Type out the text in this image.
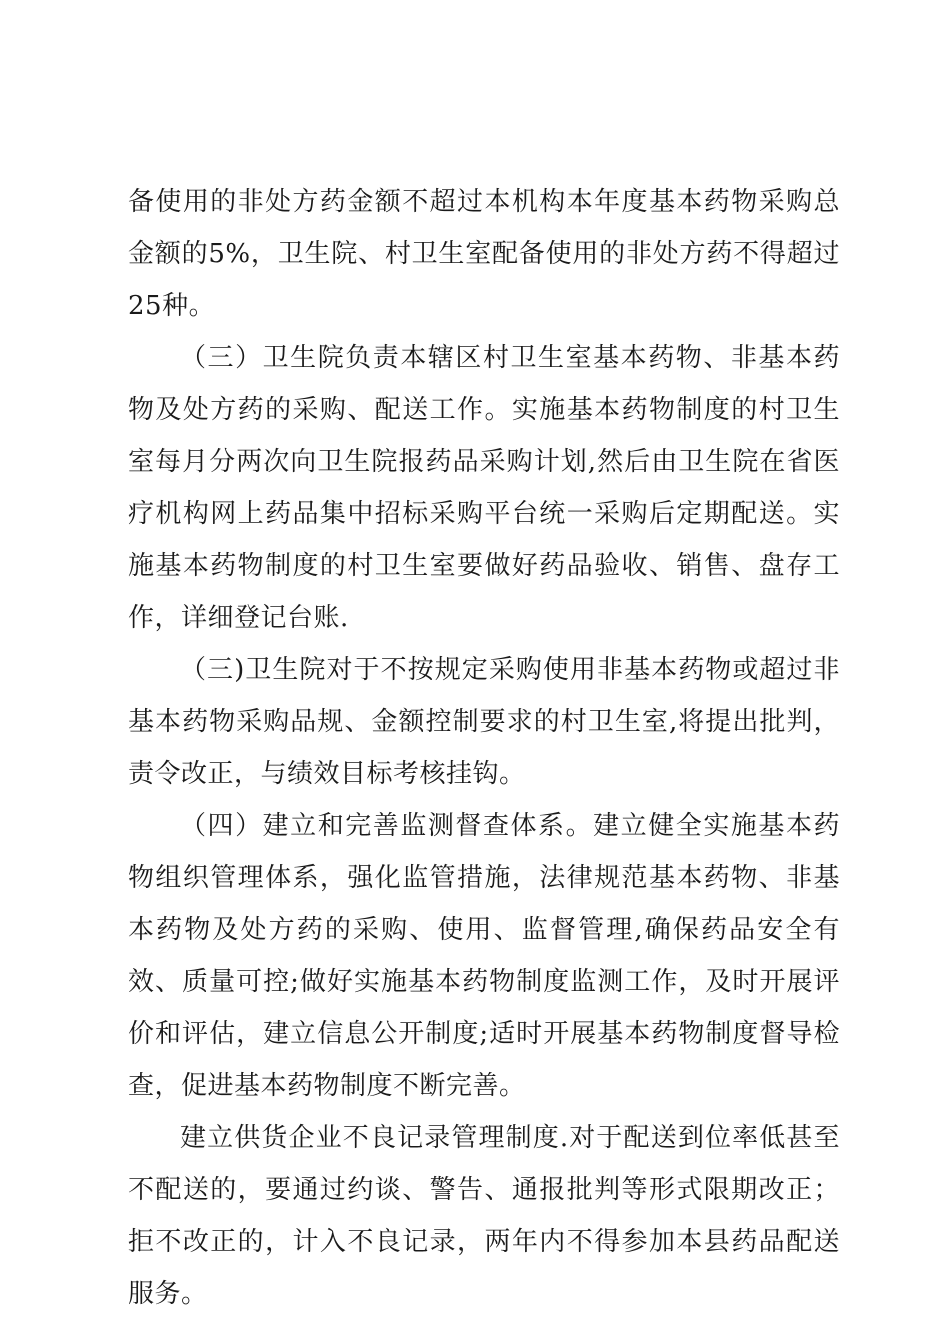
备使用的非处方药金额不超过本机构本年度基本药物采购总金额的5%，卫生院、村卫生室配备使用的非处方药不得超过25种。

（三）卫生院负责本辖区村卫生室基本药物、非基本药物及处方药的采购、配送工作。实施基本药物制度的村卫生室每月分两次向卫生院报药品采购计划,然后由卫生院在省医疗机构网上药品集中招标采购平台统一采购后定期配送。实施基本药物制度的村卫生室要做好药品验收、销售、盘存工作，详细登记台账.

（三)卫生院对于不按规定采购使用非基本药物或超过非基本药物采购品规、金额控制要求的村卫生室,将提出批判，责令改正，与绩效目标考核挂钩。

（四）建立和完善监测督查体系。建立健全实施基本药物组织管理体系，强化监管措施，法律规范基本药物、非基本药物及处方药的采购、使用、监督管理,确保药品安全有效、质量可控;做好实施基本药物制度监测工作，及时开展评价和评估，建立信息公开制度;适时开展基本药物制度督导检查，促进基本药物制度不断完善。

建立供货企业不良记录管理制度.对于配送到位率低甚至不配送的，要通过约谈、警告、通报批判等形式限期改正；拒不改正的，计入不良记录，两年内不得参加本县药品配送服务。
